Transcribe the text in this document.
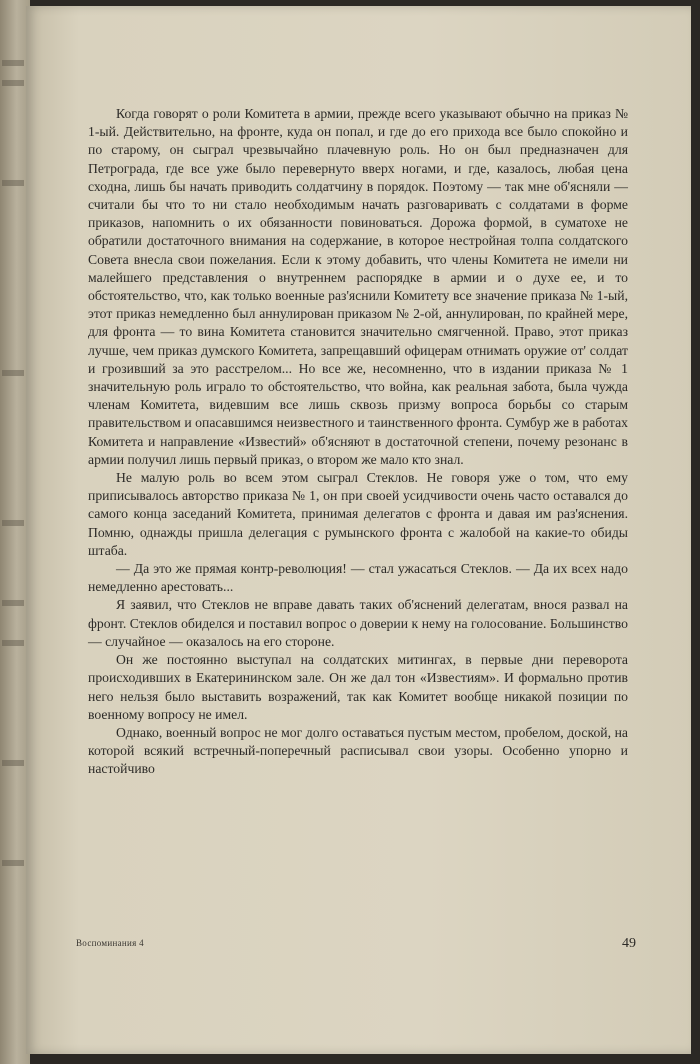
Когда говорят о роли Комитета в армии, прежде всего указывают обычно на приказ № 1-ый. Действительно, на фронте, куда он попал, и где до его прихода все было спокойно и по старому, он сыграл чрезвычайно плачевную роль. Но он был предназначен для Петрограда, где все уже было перевернуто вверх ногами, и где, казалось, любая цена сходна, лишь бы начать приводить солдатчину в порядок. Поэтому — так мне об'ясняли — считали бы что то ни стало необходимым начать разговаривать с солдатами в форме приказов, напомнить о их обязанности повиноваться. Дорожа формой, в суматохе не обратили достаточного внимания на содержание, в которое нестройная толпа солдатского Совета внесла свои пожелания. Если к этому добавить, что члены Комитета не имели ни малейшего представления о внутреннем распорядке в армии и о духе ее, и то обстоятельство, что, как только военные раз'яснили Комитету все значение приказа № 1-ый, этот приказ немедленно был аннулирован приказом № 2-ой, аннулирован, по крайней мере, для фронта — то вина Комитета становится значительно смягченной. Право, этот приказ лучше, чем приказ думского Комитета, запрещавший офицерам отнимать оружие от' солдат и грозивший за это расстрелом... Но все же, несомненно, что в издании приказа № 1 значительную роль играло то обстоятельство, что война, как реальная забота, была чужда членам Комитета, видевшим все лишь сквозь призму вопроса борьбы со старым правительством и опасавшимся неизвестного и таинственного фронта. Сумбур же в работах Комитета и направление «Известий» об'ясняют в достаточной степени, почему резонанс в армии получил лишь первый приказ, о втором же мало кто знал.

Не малую роль во всем этом сыграл Стеклов. Не говоря уже о том, что ему приписывалось авторство приказа № 1, он при своей усидчивости очень часто оставался до самого конца заседаний Комитета, принимая делегатов с фронта и давая им раз'яснения. Помню, однажды пришла делегация с румынского фронта с жалобой на какие-то обиды штаба.

— Да это же прямая контр-революция! — стал ужасаться Стеклов. — Да их всех надо немедленно арестовать...

Я заявил, что Стеклов не вправе давать таких об'яснений делегатам, внося развал на фронт. Стеклов обиделся и поставил вопрос о доверии к нему на голосование. Большинство — случайное — оказалось на его стороне.

Он же постоянно выступал на солдатских митингах, в первые дни переворота происходивших в Екатерининском зале. Он же дал тон «Известиям». И формально против него нельзя было выставить возражений, так как Комитет вообще никакой позиции по военному вопросу не имел.

Однако, военный вопрос не мог долго оставаться пустым местом, пробелом, доской, на которой всякий встречный-поперечный расписывал свои узоры. Особенно упорно и настойчиво

Воспоминания 4	49
